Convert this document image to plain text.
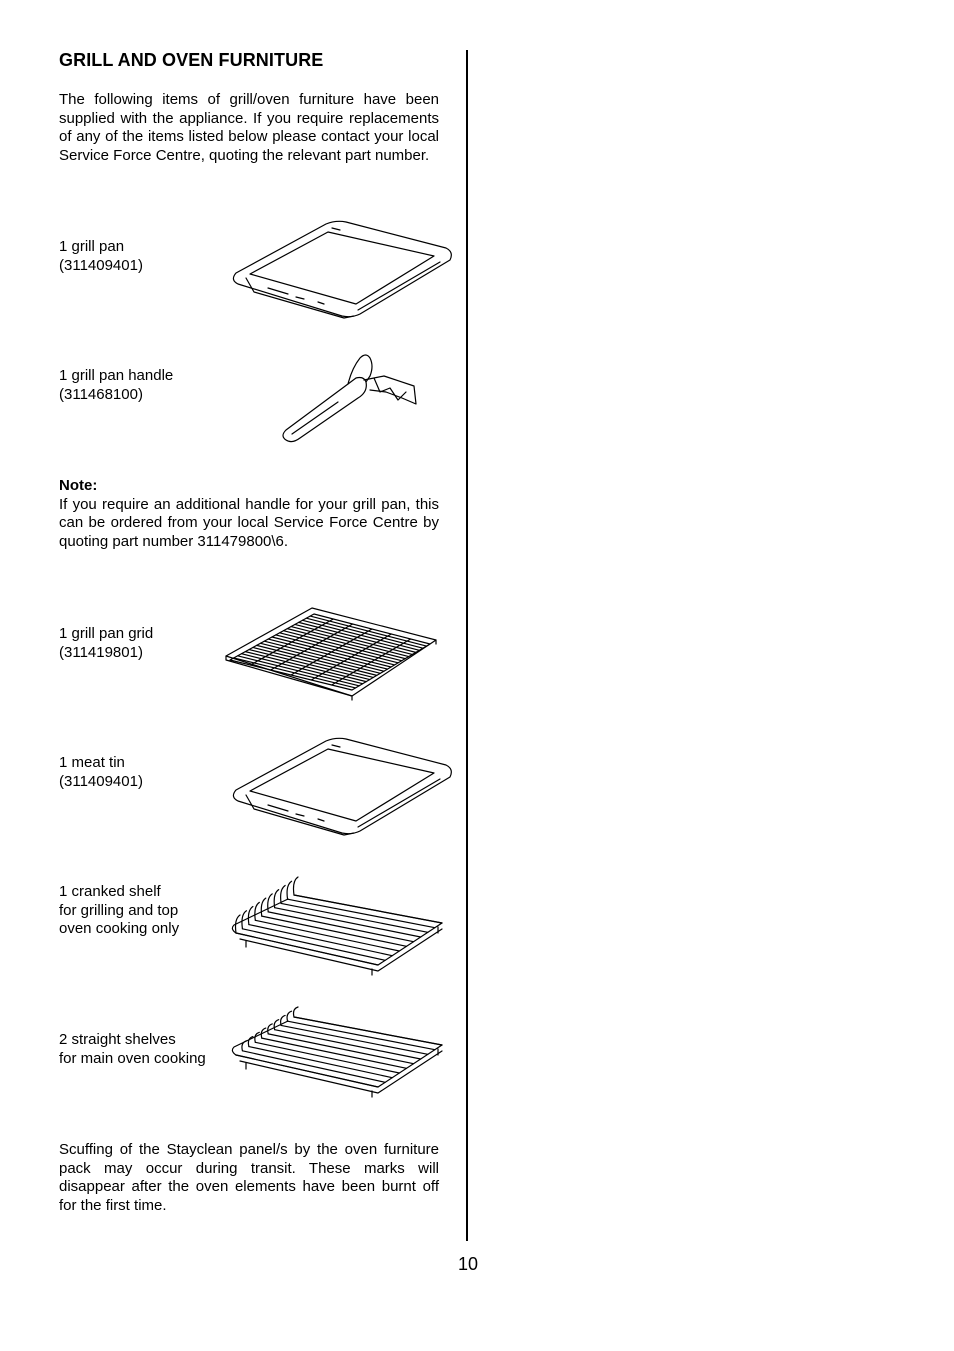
GRILL AND OVEN FURNITURE
The following items of grill/oven furniture have been supplied with the appliance. If you require replacements of any of the items listed below please contact your local Service Force Centre, quoting the relevant part number.
1 grill pan
(311409401)
1 grill pan handle
(311468100)
Note:
If you require an additional handle for your grill pan, this can be ordered from your local Service Force Centre by quoting part number 311479800\6.
1 grill pan grid
(311419801)
1 meat tin
(311409401)
1 cranked shelf
for grilling and top
oven cooking only
2 straight shelves
for main oven cooking
Scuffing of the Stayclean panel/s by the oven furniture pack may occur during transit. These marks will disappear after the oven elements have been burnt off for the first time.
10
